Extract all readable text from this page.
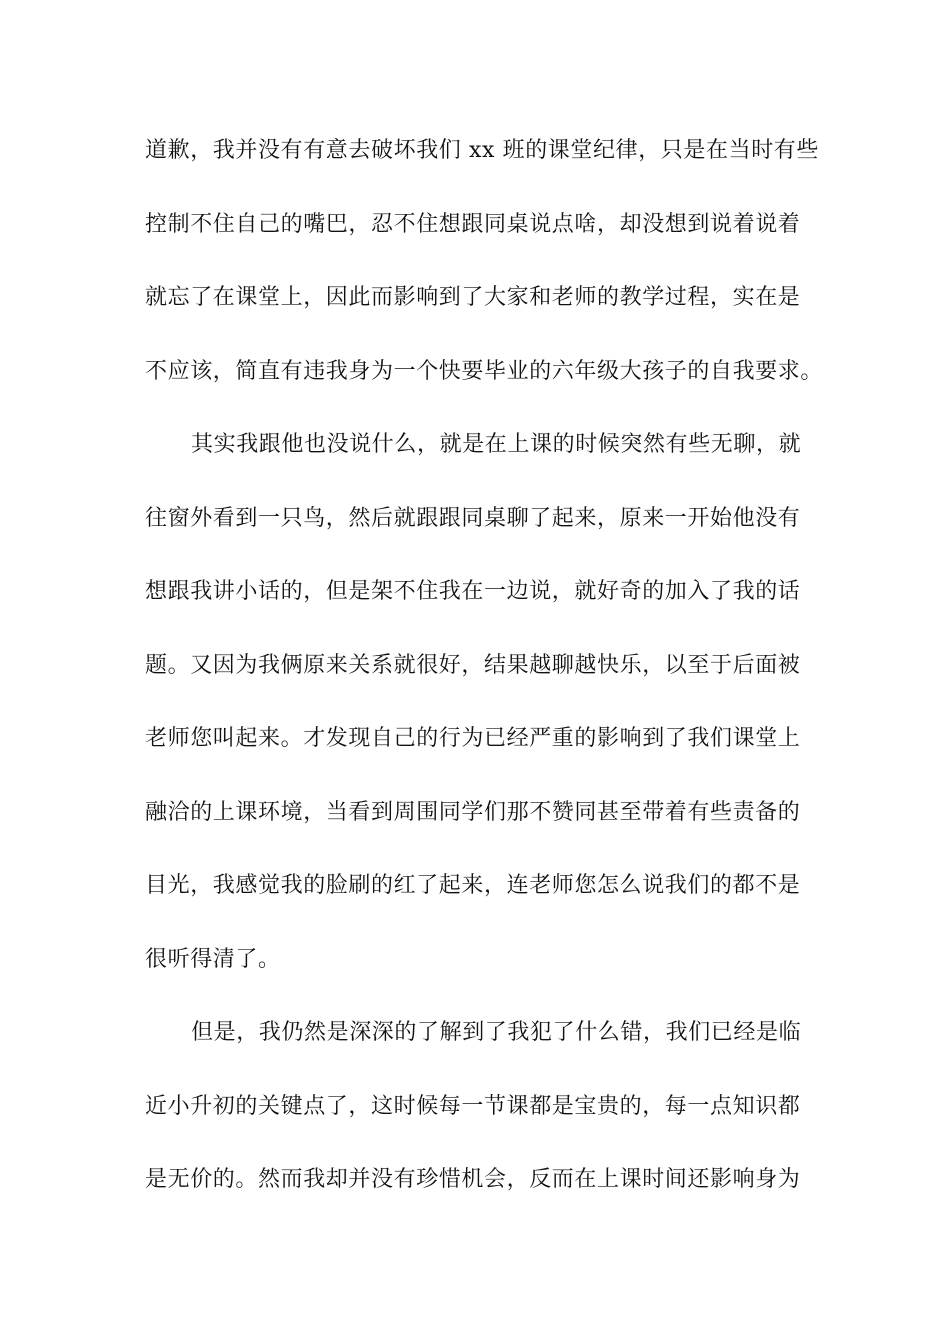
道歉，我并没有有意去破坏我们 xx 班的课堂纪律，只是在当时有些
控制不住自己的嘴巴，忍不住想跟同桌说点啥，却没想到说着说着
就忘了在课堂上，因此而影响到了大家和老师的教学过程，实在是
不应该，简直有违我身为一个快要毕业的六年级大孩子的自我要求。
其实我跟他也没说什么，就是在上课的时候突然有些无聊，就
往窗外看到一只鸟，然后就跟跟同桌聊了起来，原来一开始他没有
想跟我讲小话的，但是架不住我在一边说，就好奇的加入了我的话
题。又因为我俩原来关系就很好，结果越聊越快乐，以至于后面被
老师您叫起来。才发现自己的行为已经严重的影响到了我们课堂上
融洽的上课环境，当看到周围同学们那不赞同甚至带着有些责备的
目光，我感觉我的脸刷的红了起来，连老师您怎么说我们的都不是
很听得清了。
但是，我仍然是深深的了解到了我犯了什么错，我们已经是临
近小升初的关键点了，这时候每一节课都是宝贵的，每一点知识都
是无价的。然而我却并没有珍惜机会，反而在上课时间还影响身为
